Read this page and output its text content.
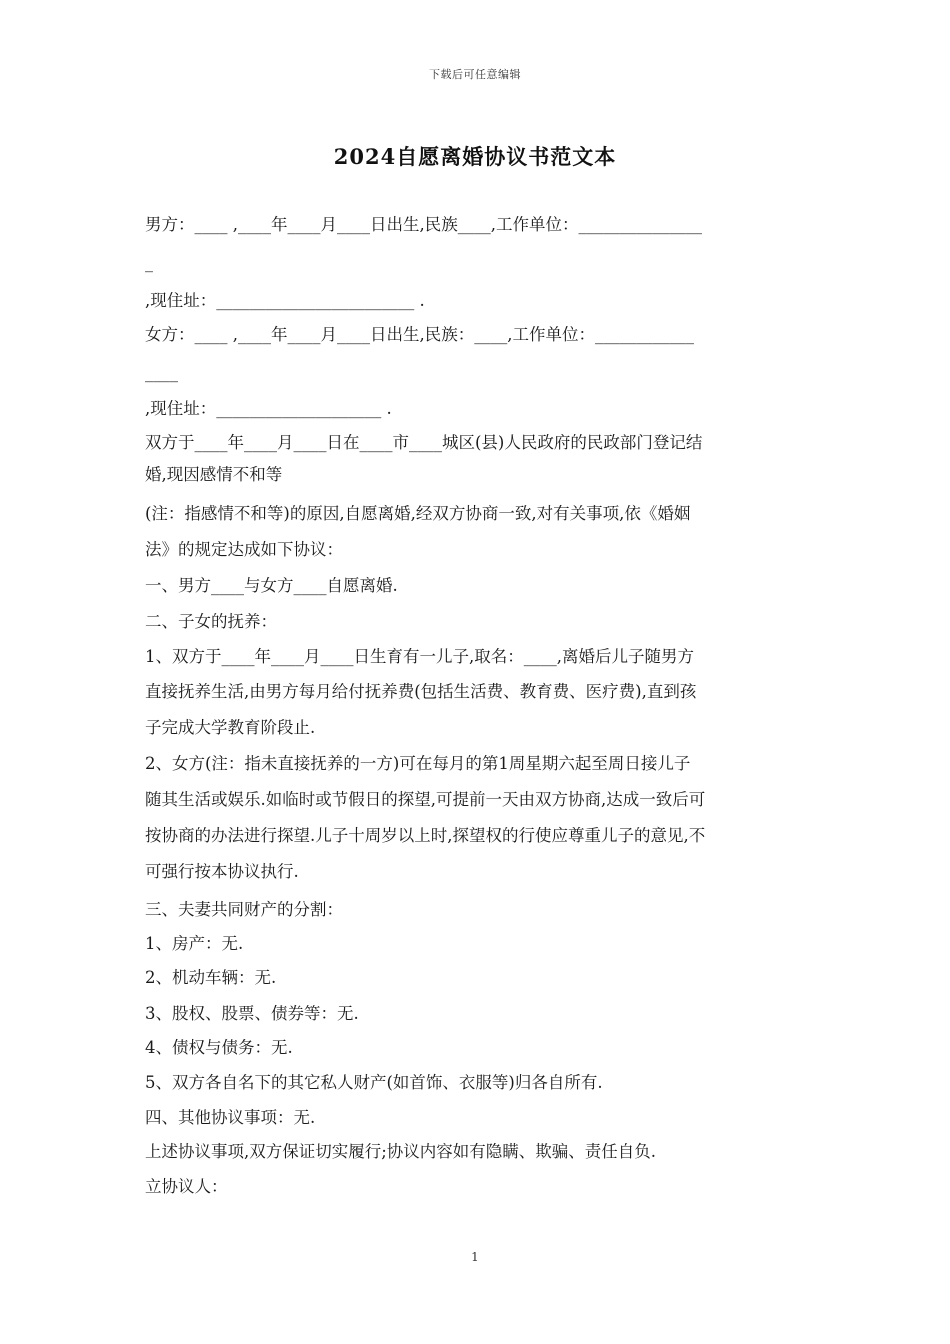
下载后可任意编辑
2024自愿离婚协议书范文本
男方：____ ,____年____月____日出生,民族____,工作单位：_______________
_
,现住址：________________________ .
女方：____ ,____年____月____日出生,民族：____,工作单位：____________
____
,现住址：____________________ .
双方于____年____月____日在____市____城区(县)人民政府的民政部门登记结
婚,现因感情不和等
(注：指感情不和等)的原因,自愿离婚,经双方协商一致,对有关事项,依《婚姻
法》的规定达成如下协议：
一、男方____与女方____自愿离婚.
二、子女的抚养：
1、双方于____年____月____日生育有一儿子,取名：____,离婚后儿子随男方
直接抚养生活,由男方每月给付抚养费(包括生活费、教育费、医疗费),直到孩
子完成大学教育阶段止.
2、女方(注：指未直接抚养的一方)可在每月的第1周星期六起至周日接儿子
随其生活或娱乐.如临时或节假日的探望,可提前一天由双方协商,达成一致后可
按协商的办法进行探望.儿子十周岁以上时,探望权的行使应尊重儿子的意见,不
可强行按本协议执行.
三、夫妻共同财产的分割：
1、房产：无.
2、机动车辆：无.
3、股权、股票、债券等：无.
4、债权与债务：无.
5、双方各自名下的其它私人财产(如首饰、衣服等)归各自所有.
四、其他协议事项：无.
上述协议事项,双方保证切实履行;协议内容如有隐瞒、欺骗、责任自负.
立协议人：
1
